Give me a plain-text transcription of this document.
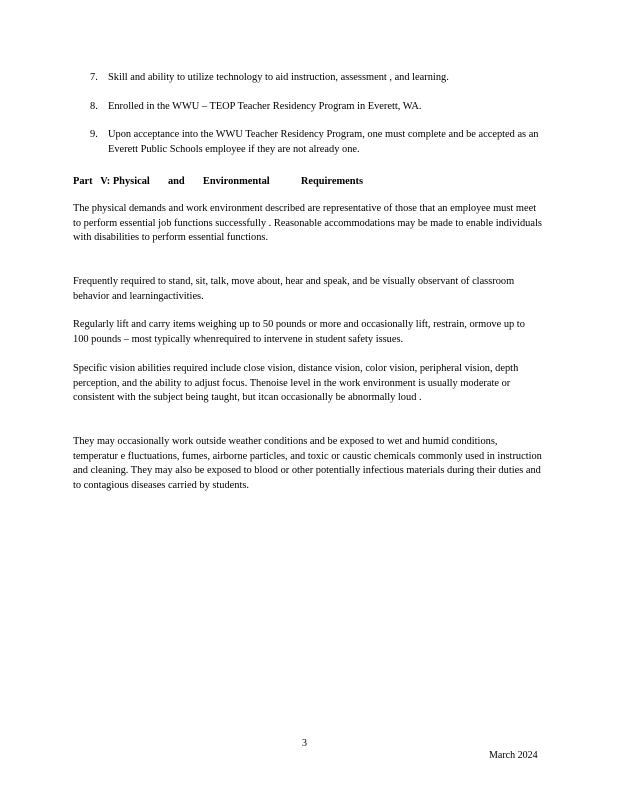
7. Skill and ability to utilize technology to aid instruction, assessment , and learning.
8. Enrolled in the WWU – TEOP Teacher Residency Program in Everett, WA.
9. Upon acceptance into the WWU Teacher Residency Program, one must complete and be accepted as an Everett Public Schools employee if they are not already one.
Part   V: Physical       and       Environmental            Requirements

The physical demands and work environment described are representative of those that an employee must meet to perform essential job functions successfully . Reasonable accommodations may be made to enable individuals with disabilities to perform essential functions.

Frequently required to stand, sit, talk, move about, hear and speak, and be visually observant of classroom behavior and learningactivities.

Regularly lift and carry items weighing up to 50 pounds or more and occasionally lift, restrain, ormove up to 100 pounds – most typically whenrequired to intervene in student safety issues.

Specific vision abilities required include close vision, distance vision, color vision, peripheral vision, depth perception, and the ability to adjust focus. Thenoise level in the work environment is usually moderate or consistent with the subject being taught, but itcan occasionally be abnormally loud .

They may occasionally work outside weather conditions and be exposed to wet and humid conditions, temperatur e fluctuations, fumes, airborne particles, and toxic or caustic chemicals commonly used in instruction and cleaning. They may also be exposed to blood or other potentially infectious materials during their duties and to contagious diseases carried by students.

3
March 2024
